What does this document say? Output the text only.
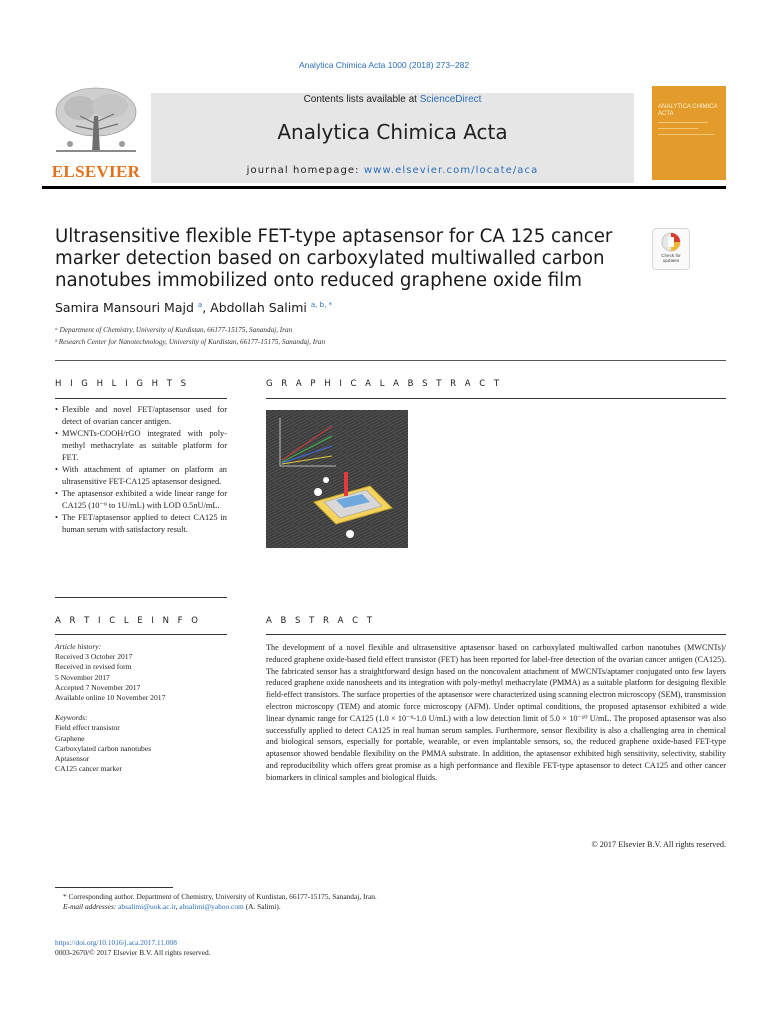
Analytica Chimica Acta 1000 (2018) 273–282
ELSEVIER
Contents lists available at ScienceDirect
Analytica Chimica Acta
journal homepage: www.elsevier.com/locate/aca
ANALYTICA CHIMICA ACTA
Ultrasensitive flexible FET-type aptasensor for CA 125 cancer marker detection based on carboxylated multiwalled carbon nanotubes immobilized onto reduced graphene oxide film
Check for updates
Samira Mansouri Majd $^a$, Abdollah Salimi $^{a, b, *}$
ᵃ Department of Chemistry, University of Kurdistan, 66177-15175, Sanandaj, Iran
ᵇ Research Center for Nanotechnology, University of Kurdistan, 66177-15175, Sanandaj, Iran
H I G H L I G H T S
• Flexible and novel FET/aptasensor used for detect of ovarian cancer antigen.
• MWCNTs-COOH/rGO integrated with poly-methyl methacrylate as suitable platform for FET.
• With attachment of aptamer on platform an ultrasensitive FET-CA125 aptasensor designed.
• The aptasensor exhibited a wide linear range for CA125 (10⁻⁹ to 1U/mL) with LOD 0.5nU/mL.
• The FET/aptasensor applied to detect CA125 in human serum with satisfactory result.
G R A P H I C A L A B S T R A C T
A R T I C L E I N F O
Article history:
Received 3 October 2017
Received in revised form
5 November 2017
Accepted 7 November 2017
Available online 10 November 2017
Keywords:
Field effect transistor
Graphene
Carboxylated carbon nanotubes
Aptasensor
CA125 cancer marker
A B S T R A C T
The development of a novel flexible and ultrasensitive aptasensor based on carboxylated multiwalled carbon nanotubes (MWCNTs)/ reduced graphene oxide-based field effect transistor (FET) has been reported for label-free detection of the ovarian cancer antigen (CA125). The fabricated sensor has a straightforward design based on the noncovalent attachment of MWCNTs/aptamer conjugated onto few layers reduced graphene oxide nanosheets and its integration with poly-methyl methacrylate (PMMA) as a suitable platform for designing flexible field-effect transistors. The surface properties of the aptasensor were characterized using scanning electron microscopy (SEM), transmission electron microscopy (TEM) and atomic force microscopy (AFM). Under optimal conditions, the proposed aptasensor exhibited a wide linear dynamic range for CA125 (1.0 × 10⁻⁹-1.0 U/mL) with a low detection limit of 5.0 × 10⁻¹⁰ U/mL. The proposed aptasensor was also successfully applied to detect CA125 in real human serum samples. Furthermore, sensor flexibility is also a challenging area in chemical and biological sensors, especially for portable, wearable, or even implantable sensors, so, the reduced graphene oxide-based FET-type aptasensor showed bendable flexibility on the PMMA substrate. In addition, the aptasensor exhibited high sensitivity, selectivity, stability and reproducibility which offers great promise as a high performance and flexible FET-type aptasensor to detect CA125 and other cancer biomarkers in clinical samples and biological fluids.
© 2017 Elsevier B.V. All rights reserved.
* Corresponding author. Department of Chemistry, University of Kurdistan, 66177-15175, Sanandaj, Iran.
E-mail addresses: absalimi@uok.ac.ir, absalimi@yahoo.com (A. Salimi).
https://doi.org/10.1016/j.aca.2017.11.008
0003-2670/© 2017 Elsevier B.V. All rights reserved.
